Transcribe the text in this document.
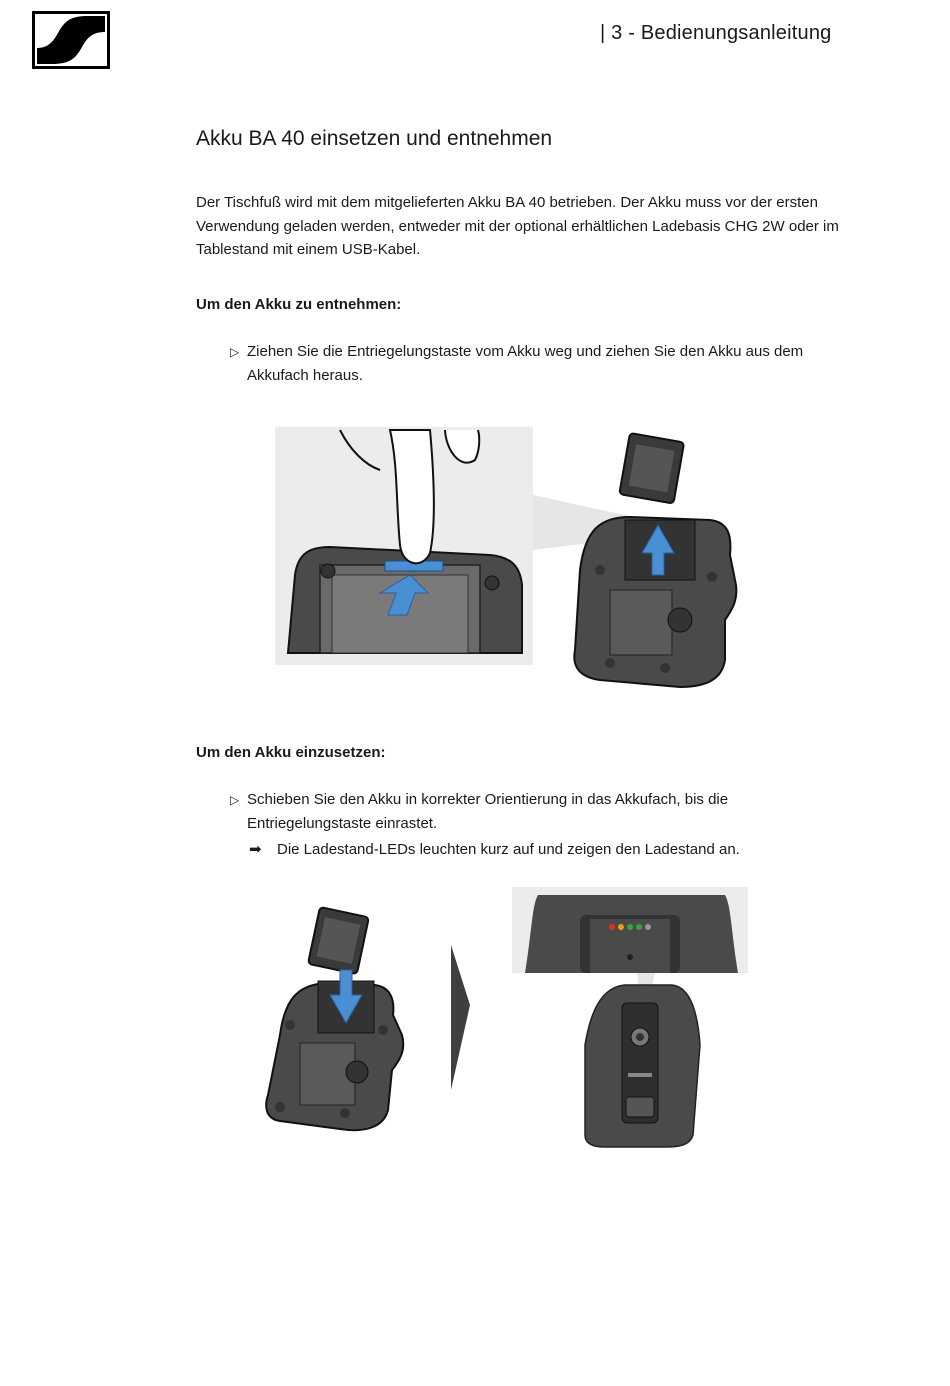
| 3 - Bedienungsanleitung
Akku BA 40 einsetzen und entnehmen

Der Tischfuß wird mit dem mitgelieferten Akku BA 40 betrieben. Der Akku muss vor der ersten Verwendung geladen werden, entweder mit der optional erhältlichen Ladebasis CHG 2W oder im Tablestand mit einem USB-Kabel.

Um den Akku zu entnehmen:

▷ Ziehen Sie die Entriegelungstaste vom Akku weg und ziehen Sie den Akku aus dem Akkufach heraus.

Um den Akku einzusetzen:

▷ Schieben Sie den Akku in korrekter Orientierung in das Akkufach, bis die Entriegelungstaste einrastet.
➡ Die Ladestand-LEDs leuchten kurz auf und zeigen den Ladestand an.
